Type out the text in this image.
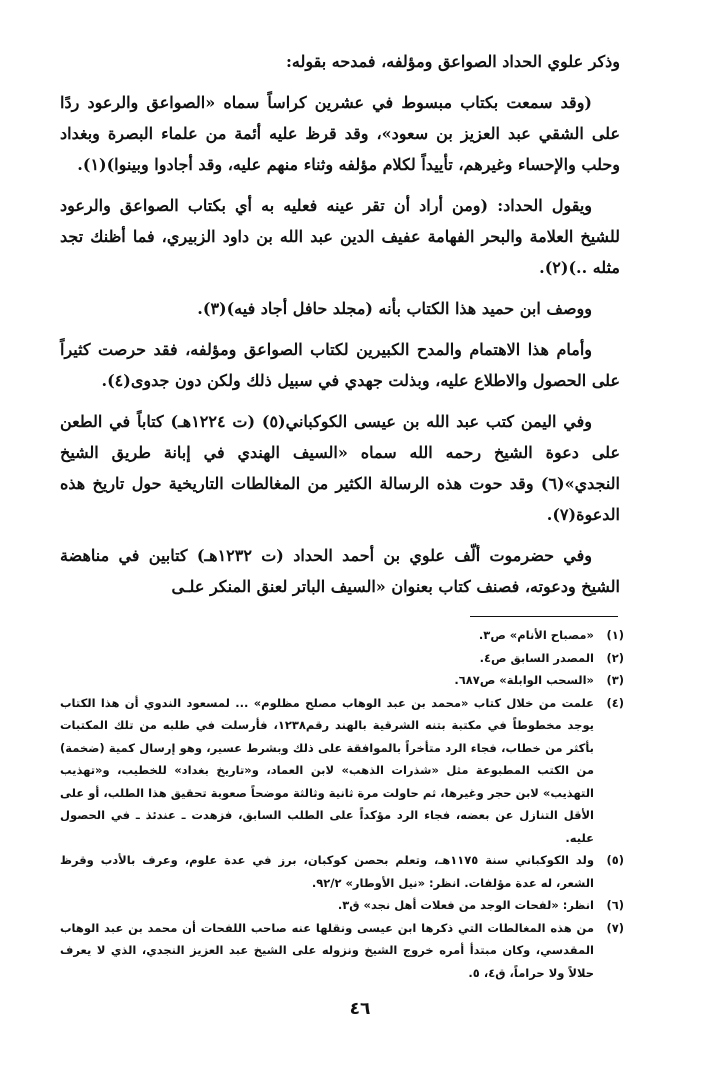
وذكر علوي الحداد الصواعق ومؤلفه، فمدحه بقوله:

(وقد سمعت بكتاب مبسوط في عشرين كراساً سماه «الصواعق والرعود ردًا على الشقي عبد العزيز بن سعود»، وقد قرظ عليه أئمة من علماء البصرة وبغداد وحلب والإحساء وغيرهم، تأييداً لكلام مؤلفه وثناء منهم عليه، وقد أجادوا وبينوا)(١).

ويقول الحداد: (ومن أراد أن تقر عينه فعليه به أي بكتاب الصواعق والرعود للشيخ العلامة والبحر الفهامة عفيف الدين عبد الله بن داود الزبيري، فما أظنك تجد مثله ..)(٢).

ووصف ابن حميد هذا الكتاب بأنه (مجلد حافل أجاد فيه)(٣).

وأمام هذا الاهتمام والمدح الكبيرين لكتاب الصواعق ومؤلفه، فقد حرصت كثيراً على الحصول والاطلاع عليه، وبذلت جهدي في سبيل ذلك ولكن دون جدوى(٤).

وفي اليمن كتب عبد الله بن عيسى الكوكباني(٥) (ت ١٢٢٤هـ) كتاباً في الطعن على دعوة الشيخ رحمه الله سماه «السيف الهندي في إبانة طريق الشيخ النجدي»(٦) وقد حوت هذه الرسالة الكثير من المغالطات التاريخية حول تاريخ هذه الدعوة(٧).

وفي حضرموت ألّف علوي بن أحمد الحداد (ت ١٢٣٢هـ) كتابين في مناهضة الشيخ ودعوته، فصنف كتاب بعنوان «السيف الباتر لعنق المنكر علـى

(١)
«مصباح الأنام» ص٣.
(٢)
المصدر السابق ص٤.
(٣)
«السحب الوابلة» ص٦٨٧.
(٤)
علمت من خلال كتاب «محمد بن عبد الوهاب مصلح مظلوم» ... لمسعود الندوي أن هذا الكتاب يوجد مخطوطاً في مكتبة بتنه الشرقية بالهند رقم١٢٣٨، فأرسلت في طلبه من تلك المكتبات بأكثر من خطاب، فجاء الرد متأخراً بالموافقة على ذلك وبشرط عسير، وهو إرسال كمية (ضخمة) من الكتب المطبوعة مثل «شذرات الذهب» لابن العماد، و«تاريخ بغداد» للخطيب، و«تهذيب التهذيب» لابن حجر وغيرها، ثم حاولت مرة ثانية وثالثة موضحاً صعوبة تحقيق هذا الطلب، أو على الأقل التنازل عن بعضه، فجاء الرد مؤكداً على الطلب السابق، فزهدت ـ عندئذ ـ في الحصول عليه.
(٥)
ولد الكوكباني سنة ١١٧٥هـ، وتعلم بحصن كوكبان، برز في عدة علوم، وعرف بالأدب وقرظ الشعر، له عدة مؤلفات. انظر: «نيل الأوطار» ٩٢/٢.
(٦)
انظر: «لفحات الوجد من فعلات أهل نجد» ق٣.
(٧)
من هذه المغالطات التي ذكرها ابن عيسى ونقلها عنه صاحب اللفحات أن محمد بن عبد الوهاب المقدسي، وكان مبتدأ أمره خروج الشيخ ونزوله على الشيخ عبد العزيز النجدي، الذي لا يعرف حلالاً ولا حراماً، ق٤، ٥.
٤٦
